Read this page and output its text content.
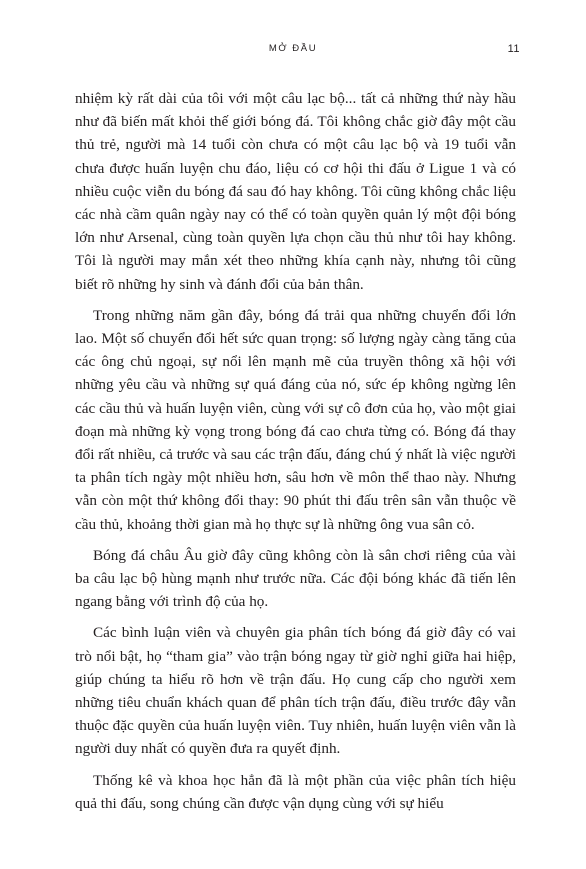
MỞ ĐẦU	11

nhiệm kỳ rất dài của tôi với một câu lạc bộ... tất cả những thứ này hầu như đã biến mất khỏi thế giới bóng đá. Tôi không chắc giờ đây một cầu thủ trẻ, người mà 14 tuổi còn chưa có một câu lạc bộ và 19 tuổi vẫn chưa được huấn luyện chu đáo, liệu có cơ hội thi đấu ở Ligue 1 và có nhiều cuộc viễn du bóng đá sau đó hay không. Tôi cũng không chắc liệu các nhà cầm quân ngày nay có thể có toàn quyền quản lý một đội bóng lớn như Arsenal, cùng toàn quyền lựa chọn cầu thủ như tôi hay không. Tôi là người may mắn xét theo những khía cạnh này, nhưng tôi cũng biết rõ những hy sinh và đánh đổi của bản thân.

Trong những năm gần đây, bóng đá trải qua những chuyển đổi lớn lao. Một số chuyển đổi hết sức quan trọng: số lượng ngày càng tăng của các ông chủ ngoại, sự nổi lên mạnh mẽ của truyền thông xã hội với những yêu cầu và những sự quá đáng của nó, sức ép không ngừng lên các cầu thủ và huấn luyện viên, cùng với sự cô đơn của họ, vào một giai đoạn mà những kỳ vọng trong bóng đá cao chưa từng có. Bóng đá thay đổi rất nhiều, cả trước và sau các trận đấu, đáng chú ý nhất là việc người ta phân tích ngày một nhiều hơn, sâu hơn về môn thể thao này. Nhưng vẫn còn một thứ không đổi thay: 90 phút thi đấu trên sân vẫn thuộc về cầu thủ, khoảng thời gian mà họ thực sự là những ông vua sân cỏ.

Bóng đá châu Âu giờ đây cũng không còn là sân chơi riêng của vài ba câu lạc bộ hùng mạnh như trước nữa. Các đội bóng khác đã tiến lên ngang bằng với trình độ của họ.

Các bình luận viên và chuyên gia phân tích bóng đá giờ đây có vai trò nổi bật, họ “tham gia” vào trận bóng ngay từ giờ nghỉ giữa hai hiệp, giúp chúng ta hiểu rõ hơn về trận đấu. Họ cung cấp cho người xem những tiêu chuẩn khách quan để phân tích trận đấu, điều trước đây vẫn thuộc đặc quyền của huấn luyện viên. Tuy nhiên, huấn luyện viên vẫn là người duy nhất có quyền đưa ra quyết định.

Thống kê và khoa học hẳn đã là một phần của việc phân tích hiệu quả thi đấu, song chúng cần được vận dụng cùng với sự hiểu
